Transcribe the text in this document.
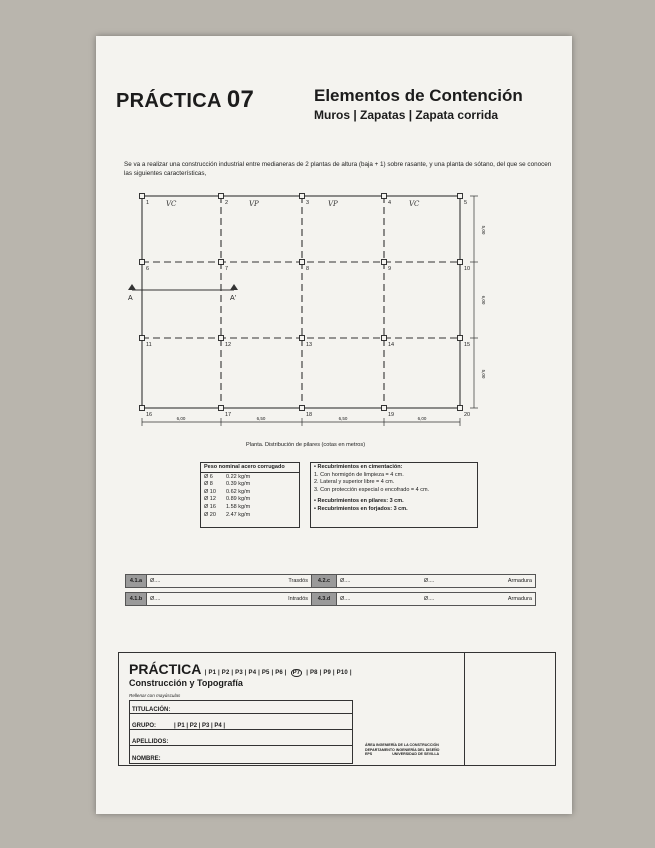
PRÁCTICA 07	Elementos de Contención
Muros | Zapatas | Zapata corrida
Se va a realizar una construcción industrial entre medianeras de 2 plantas de altura (baja + 1) sobre rasante, y una planta de sótano, del que se conocen las siguientes características,
1	2	3	4	5
6	7	8	9	10
11	12	13	14	15
16	17	18	19	20
VC	VP	VP	VC
A	A'
6,00	6,50	6,50	6,00
5,00
6,00
5,00
Planta. Distribución de pilares (cotas en metros)
Peso nominal acero corrugado
Ø 6	0.22 kg/m
Ø 8	0.39 kg/m
Ø 10	0.62 kg/m
Ø 12	0.89 kg/m
Ø 16	1.58 kg/m
Ø 20	2.47 kg/m
• Recubrimientos en cimentación:
1. Con hormigón de limpieza = 4 cm.
2. Lateral y superior libre = 4 cm.
3. Con protección especial o encofrado = 4 cm.
• Recubrimientos en pilares: 3 cm.
• Recubrimientos en forjados: 3 cm.
4.1.a	Ø....	Trasdós	4.2.c	Ø....	Ø....	Armadura
4.1.b	Ø....	Intradós	4.3.d	Ø....	Ø....	Armadura
PRÁCTICA | P1 | P2 | P3 | P4 | P5 | P6 | P7 | P8 | P9 | P10 |
Construcción y Topografía
Rellenar con mayúsculas
TITULACIÓN:
GRUPO:	| P1 | P2 | P3 | P4 |
APELLIDOS:
NOMBRE:
ÁREA INGENIERÍA DE LA CONSTRUCCIÓN
DEPARTAMENTO INGENIERÍA DEL DISEÑO
EPS	UNIVERSIDAD DE SEVILLA
